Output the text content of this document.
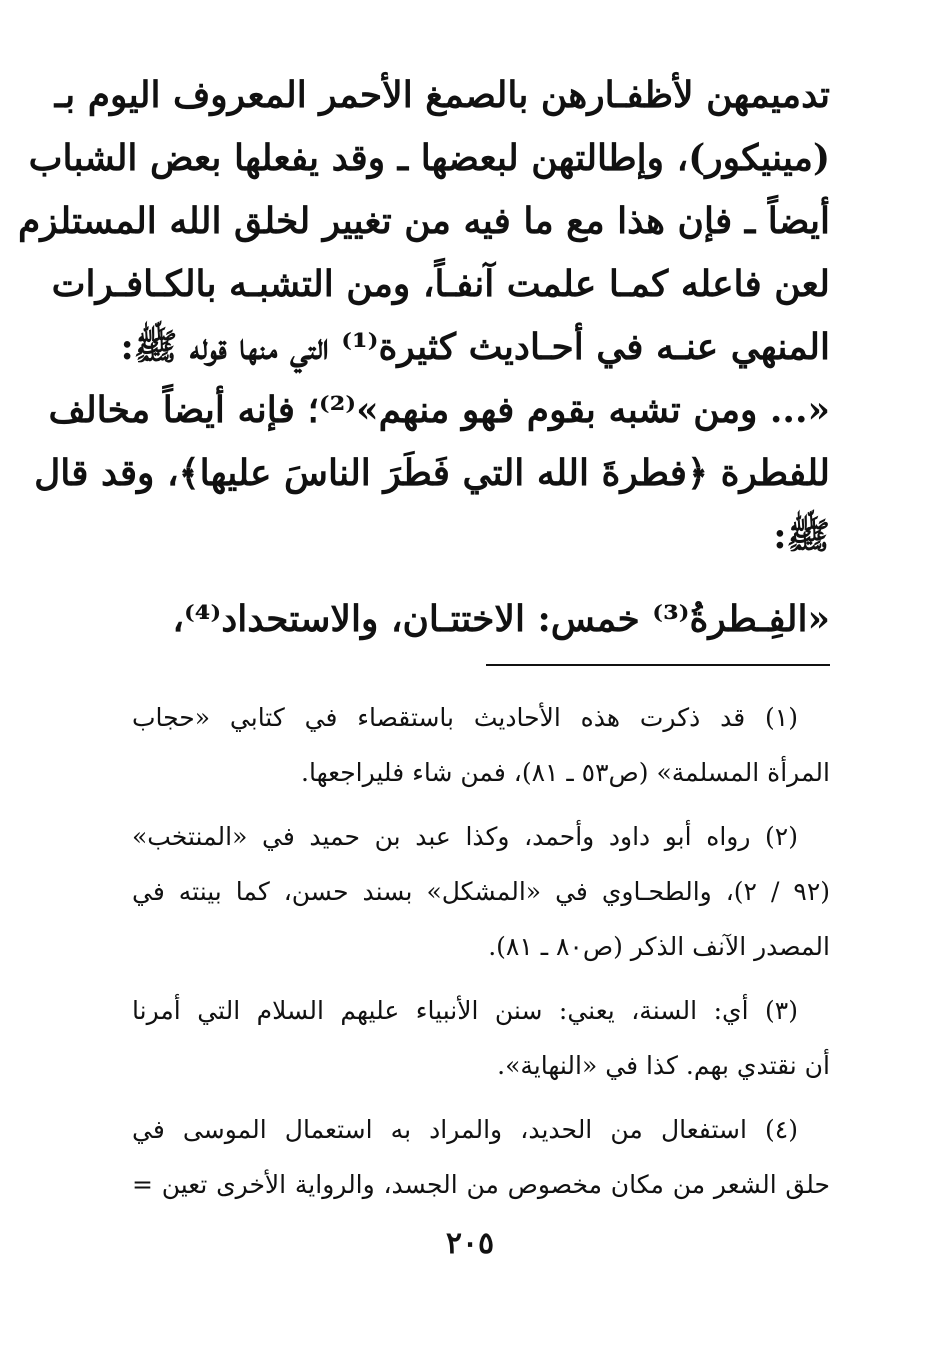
تدميمهن لأظفـارهن بالصمغ الأحمر المعروف اليوم بـ
(مينيكور)، وإطالتهن لبعضها ـ وقد يفعلها بعض الشباب
أيضاً ـ فإن هذا مع ما فيه من تغيير لخلق الله المستلزم
لعن فاعله كمـا علمت آنفـاً، ومن التشبـه بالكـافـرات
المنهي عنـه في أحـاديث كثيرة⁽¹⁾ التي منها قوله ﷺ:
«... ومن تشبه بقوم فهو منهم»⁽²⁾؛ فإنه أيضاً مخالف
للفطرة ﴿فطرةَ الله التي فَطَرَ الناسَ عليها﴾، وقد قال
ﷺ:
«الفِـطرةُ⁽³⁾ خمس: الاختتـان، والاستحداد⁽⁴⁾،
(١) قد ذكرت هذه الأحاديث باستقصاء في كتابي «حجاب
المرأة المسلمة» (ص٥٣ ـ ٨١)، فمن شاء فليراجعها.
(٢) رواه أبو داود وأحمد، وكذا عبد بن حميد في «المنتخب»
(٩٢ / ٢)، والطحـاوي في «المشكل» بسند حسن، كما بينته في
المصدر الآنف الذكر (ص٨٠ ـ ٨١).
(٣) أي: السنة، يعني: سنن الأنبياء عليهم السلام التي أمرنا
أن نقتدي بهم. كذا في «النهاية».
(٤) استفعال من الحديد، والمراد به استعمال الموسى في
حلق الشعر من مكان مخصوص من الجسد، والرواية الأخرى تعين =
٢٠٥
